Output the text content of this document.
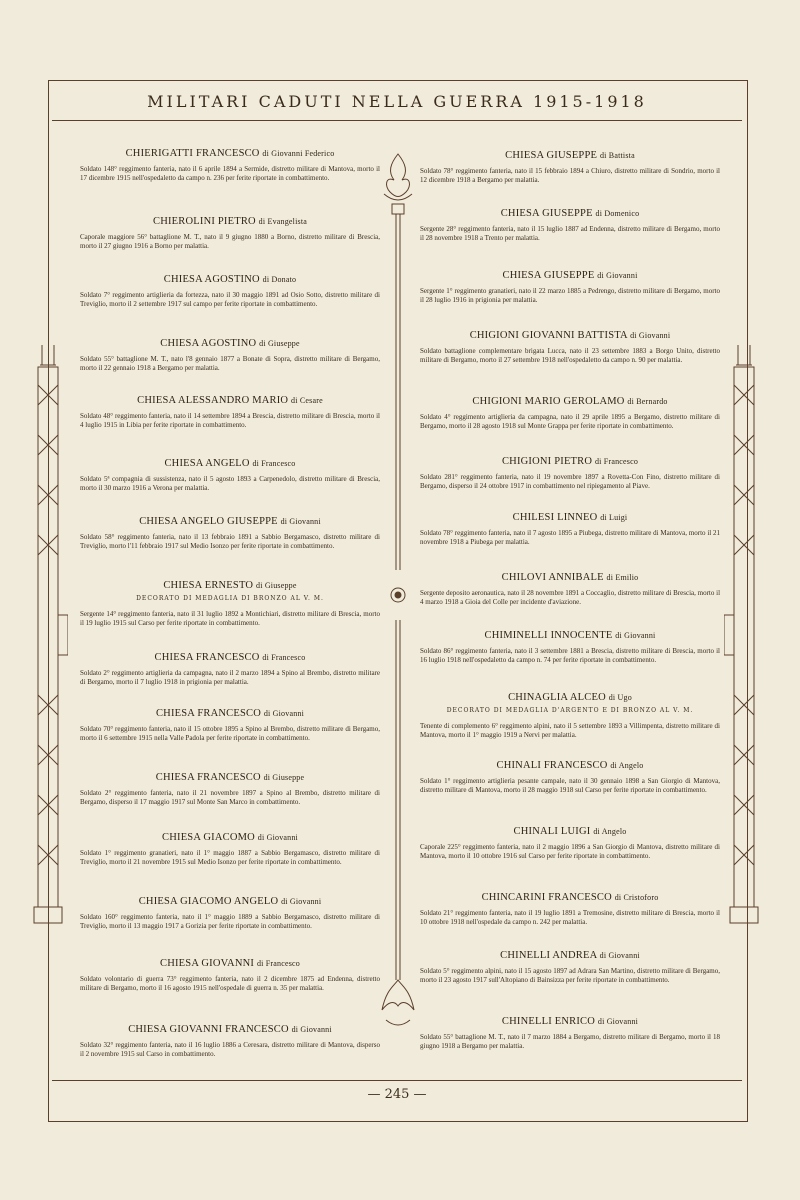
MILITARI CADUTI NELLA GUERRA 1915-1918
CHIERIGATTI FRANCESCO di Giovanni Federico
Soldato 148° reggimento fanteria, nato il 6 aprile 1894 a Sermide, distretto militare di Mantova, morto il 17 dicembre 1915 nell'ospedaletto da campo n. 236 per ferite riportate in combattimento.
CHIEROLINI PIETRO di Evangelista
Caporale maggiore 56° battaglione M. T., nato il 9 giugno 1880 a Borno, distretto militare di Brescia, morto il 27 giugno 1916 a Borno per malattia.
CHIESA AGOSTINO di Donato
Soldato 7° reggimento artiglieria da fortezza, nato il 30 maggio 1891 ad Osio Sotto, distretto militare di Treviglio, morto il 2 settembre 1917 sul campo per ferite riportate in combattimento.
CHIESA AGOSTINO di Giuseppe
Soldato 55° battaglione M. T., nato l'8 gennaio 1877 a Bonate di Sopra, distretto militare di Bergamo, morto il 22 gennaio 1918 a Bergamo per malattia.
CHIESA ALESSANDRO MARIO di Cesare
Soldato 48° reggimento fanteria, nato il 14 settembre 1894 a Brescia, distretto militare di Brescia, morto il 4 luglio 1915 in Libia per ferite riportate in combattimento.
CHIESA ANGELO di Francesco
Soldato 5ª compagnia di sussistenza, nato il 5 agosto 1893 a Carpenedolo, distretto militare di Brescia, morto il 30 marzo 1916 a Verona per malattia.
CHIESA ANGELO GIUSEPPE di Giovanni
Soldato 58° reggimento fanteria, nato il 13 febbraio 1891 a Sabbio Bergamasco, distretto militare di Treviglio, morto l'11 febbraio 1917 sul Medio Isonzo per ferite riportate in combattimento.
CHIESA ERNESTO di Giuseppe
DECORATO DI MEDAGLIA DI BRONZO AL V. M.
Sergente 14° reggimento fanteria, nato il 31 luglio 1892 a Montichiari, distretto militare di Brescia, morto il 19 luglio 1915 sul Carso per ferite riportate in combattimento.
CHIESA FRANCESCO di Francesco
Soldato 2° reggimento artiglieria da campagna, nato il 2 marzo 1894 a Spino al Brembo, distretto militare di Bergamo, morto il 7 luglio 1918 in prigionia per malattia.
CHIESA FRANCESCO di Giovanni
Soldato 70° reggimento fanteria, nato il 15 ottobre 1895 a Spino al Brembo, distretto militare di Bergamo, morto il 6 settembre 1915 nella Valle Padola per ferite riportate in combattimento.
CHIESA FRANCESCO di Giuseppe
Soldato 2° reggimento fanteria, nato il 21 novembre 1897 a Spino al Brembo, distretto militare di Bergamo, disperso il 17 maggio 1917 sul Monte San Marco in combattimento.
CHIESA GIACOMO di Giovanni
Soldato 1° reggimento granatieri, nato il 1° maggio 1887 a Sabbio Bergamasco, distretto militare di Treviglio, morto il 21 novembre 1915 sul Medio Isonzo per ferite riportate in combattimento.
CHIESA GIACOMO ANGELO di Giovanni
Soldato 160° reggimento fanteria, nato il 1° maggio 1889 a Sabbio Bergamasco, distretto militare di Treviglio, morto il 13 maggio 1917 a Gorizia per ferite riportate in combattimento.
CHIESA GIOVANNI di Francesco
Soldato volontario di guerra 73° reggimento fanteria, nato il 2 dicembre 1875 ad Endenna, distretto militare di Bergamo, morto il 16 agosto 1915 nell'ospedale di guerra n. 35 per malattia.
CHIESA GIOVANNI FRANCESCO di Giovanni
Soldato 32° reggimento fanteria, nato il 16 luglio 1886 a Ceresara, distretto militare di Mantova, disperso il 2 novembre 1915 sul Carso in combattimento.
CHIESA GIUSEPPE di Battista
Soldato 78° reggimento fanteria, nato il 15 febbraio 1894 a Chiuro, distretto militare di Sondrio, morto il 12 dicembre 1918 a Bergamo per malattia.
CHIESA GIUSEPPE di Domenico
Sergente 28° reggimento fanteria, nato il 15 luglio 1887 ad Endenna, distretto militare di Bergamo, morto il 28 novembre 1918 a Trento per malattia.
CHIESA GIUSEPPE di Giovanni
Sergente 1° reggimento granatieri, nato il 22 marzo 1885 a Pedrengo, distretto militare di Bergamo, morto il 28 luglio 1916 in prigionia per malattia.
CHIGIONI GIOVANNI BATTISTA di Giovanni
Soldato battaglione complementare brigata Lucca, nato il 23 settembre 1883 a Borgo Unito, distretto militare di Bergamo, morto il 27 settembre 1918 nell'ospedaletto da campo n. 90 per malattia.
CHIGIONI MARIO GEROLAMO di Bernardo
Soldato 4° reggimento artiglieria da campagna, nato il 29 aprile 1895 a Bergamo, distretto militare di Bergamo, morto il 28 agosto 1918 sul Monte Grappa per ferite riportate in combattimento.
CHIGIONI PIETRO di Francesco
Soldato 281° reggimento fanteria, nato il 19 novembre 1897 a Rovetta-Con Fino, distretto militare di Bergamo, disperso il 24 ottobre 1917 in combattimento nel ripiegamento al Piave.
CHILESI LINNEO di Luigi
Soldato 78° reggimento fanteria, nato il 7 agosto 1895 a Piubega, distretto militare di Mantova, morto il 21 novembre 1918 a Piubega per malattia.
CHILOVI ANNIBALE di Emilio
Sergente deposito aeronautica, nato il 28 novembre 1891 a Coccaglio, distretto militare di Brescia, morto il 4 marzo 1918 a Gioia del Colle per incidente d'aviazione.
CHIMINELLI INNOCENTE di Giovanni
Soldato 86° reggimento fanteria, nato il 3 settembre 1881 a Brescia, distretto militare di Brescia, morto il 16 luglio 1918 nell'ospedaletto da campo n. 74 per ferite riportate in combattimento.
CHINAGLIA ALCEO di Ugo
DECORATO DI MEDAGLIA D'ARGENTO E DI BRONZO AL V. M.
Tenente di complemento 6° reggimento alpini, nato il 5 settembre 1893 a Villimpenta, distretto militare di Mantova, morto il 1° maggio 1919 a Nervi per malattia.
CHINALI FRANCESCO di Angelo
Soldato 1° reggimento artiglieria pesante campale, nato il 30 gennaio 1898 a San Giorgio di Mantova, distretto militare di Mantova, morto il 28 maggio 1918 sul Carso per ferite riportate in combattimento.
CHINALI LUIGI di Angelo
Caporale 225° reggimento fanteria, nato il 2 maggio 1896 a San Giorgio di Mantova, distretto militare di Mantova, morto il 10 ottobre 1916 sul Carso per ferite riportate in combattimento.
CHINCARINI FRANCESCO di Cristoforo
Soldato 21° reggimento fanteria, nato il 19 luglio 1891 a Tremosine, distretto militare di Brescia, morto il 10 ottobre 1918 nell'ospedale da campo n. 242 per malattia.
CHINELLI ANDREA di Giovanni
Soldato 5° reggimento alpini, nato il 15 agosto 1897 ad Adrara San Martino, distretto militare di Bergamo, morto il 23 agosto 1917 sull'Altopiano di Bainsizza per ferite riportate in combattimento.
CHINELLI ENRICO di Giovanni
Soldato 55° battaglione M. T., nato il 7 marzo 1884 a Bergamo, distretto militare di Bergamo, morto il 18 giugno 1918 a Bergamo per malattia.
— 245 —
